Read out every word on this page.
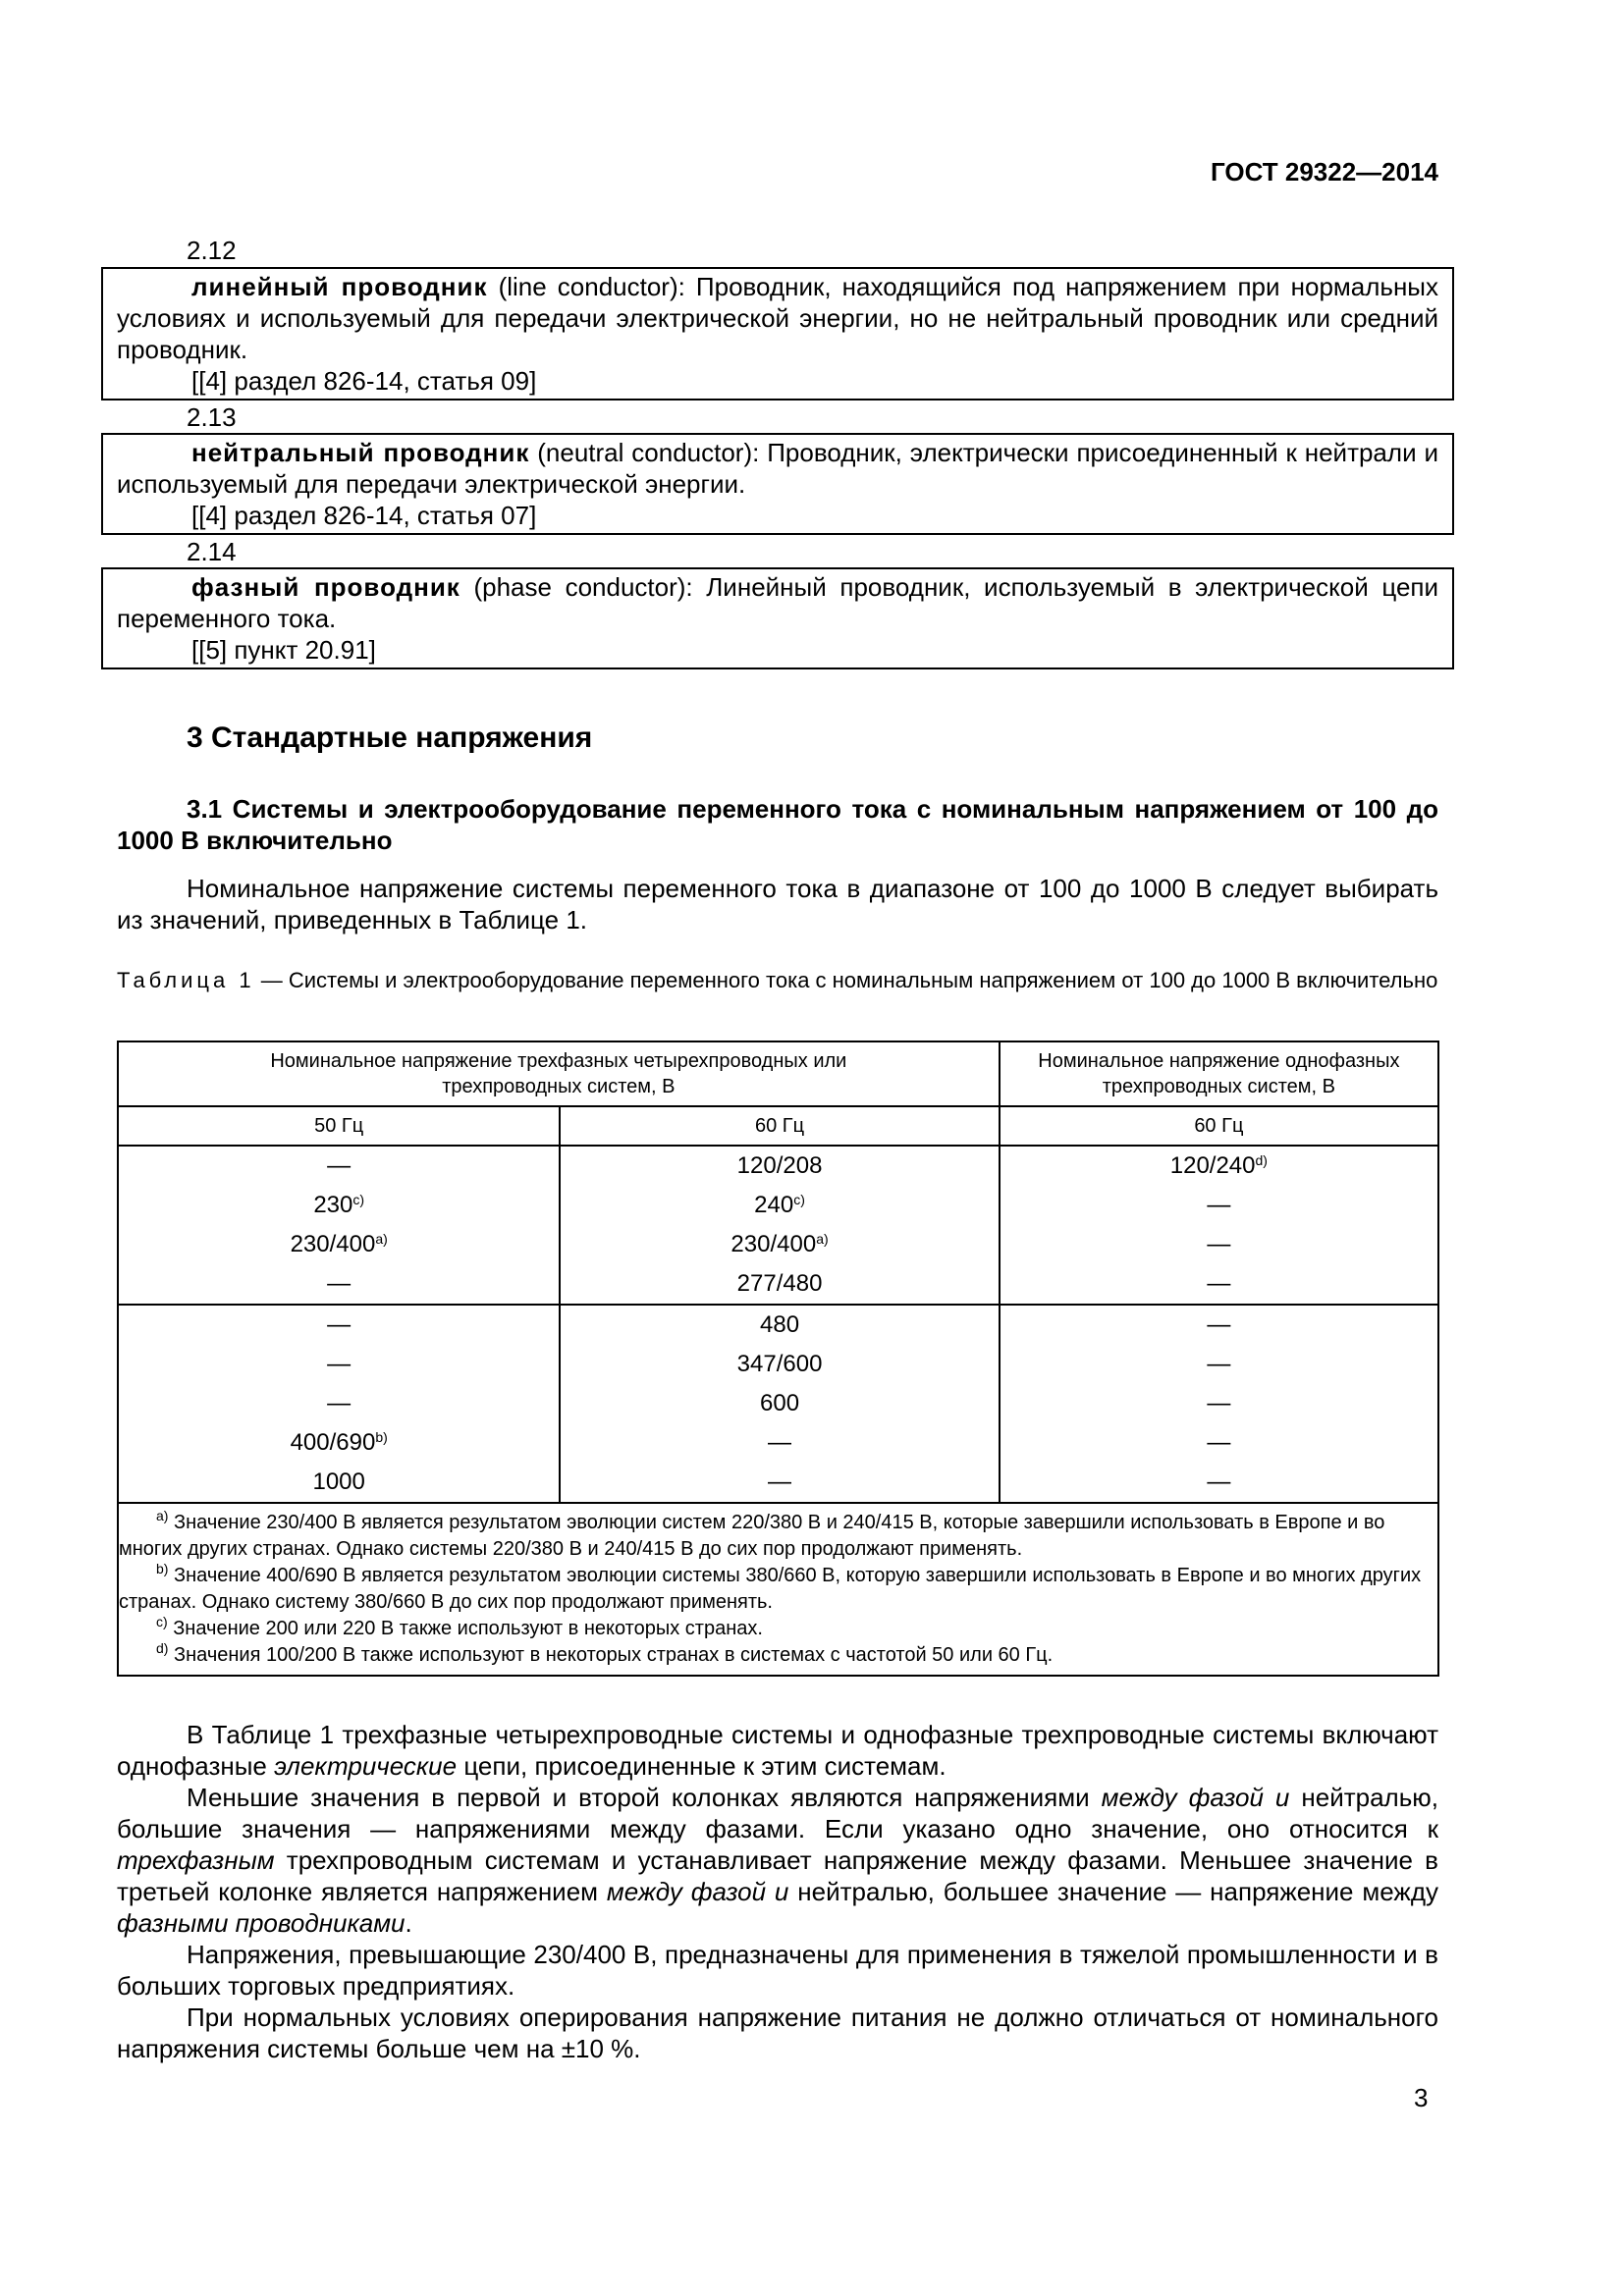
ГОСТ 29322—2014
2.12

линейный проводник (line conductor): Проводник, находящийся под напряжением при нормальных условиях и используемый для передачи электрической энергии, но не нейтральный проводник или средний проводник.

[[4] раздел 826-14, статья 09]

2.13

нейтральный проводник (neutral conductor): Проводник, электрически присоединенный к нейтрали и используемый для передачи электрической энергии.

[[4] раздел 826-14, статья 07]

2.14

фазный проводник (phase conductor): Линейный проводник, используемый в электрической цепи переменного тока.

[[5] пункт 20.91]

3 Стандартные напряжения
3.1 Системы и электрооборудование переменного тока с номинальным напряжением от 100 до 1000 В включительно
Номинальное напряжение системы переменного тока в диапазоне от 100 до 1000 В следует выбирать из значений, приведенных в Таблице 1.
Таблица 1 — Системы и электрооборудование переменного тока с номинальным напряжением от 100 до 1000 В включительно
Номинальное напряжение трехфазных четырехпроводных или трехпроводных систем, В		Номинальное напряжение однофазных трехпроводных систем, В
50 Гц	60 Гц	60 Гц
—	120/208	120/240$^{d)}$
230$^{c)}$	240$^{c)}$	—
230/400$^{a)}$	230/400$^{a)}$	—
—	277/480	—
—	480	—
—	347/600	—
—	600	—
400/690$^{b)}$	—	—
1000	—	—

$^{a)}$ Значение 230/400 В является результатом эволюции систем 220/380 В и 240/415 В, которые завершили использовать в Европе и во многих других странах. Однако системы 220/380 В и 240/415 В до сих пор продолжают применять.

$^{b)}$ Значение 400/690 В является результатом эволюции системы 380/660 В, которую завершили использовать в Европе и во многих других странах. Однако систему 380/660 В до сих пор продолжают применять.

$^{c)}$ Значение 200 или 220 В также используют в некоторых странах.

$^{d)}$ Значения 100/200 В также используют в некоторых странах в системах с частотой 50 или 60 Гц.		

В Таблице 1 трехфазные четырехпроводные системы и однофазные трехпроводные системы включают однофазные электрические цепи, присоединенные к этим системам.
Меньшие значения в первой и второй колонках являются напряжениями между фазой и нейтралью, большие значения — напряжениями между фазами. Если указано одно значение, оно относится к трехфазным трехпроводным системам и устанавливает напряжение между фазами. Меньшее значение в третьей колонке является напряжением между фазой и нейтралью, большее значение — напряжение между фазными проводниками.
Напряжения, превышающие 230/400 В, предназначены для применения в тяжелой промышленности и в больших торговых предприятиях.
При нормальных условиях оперирования напряжение питания не должно отличаться от номинального напряжения системы больше чем на ±10 %.
3
